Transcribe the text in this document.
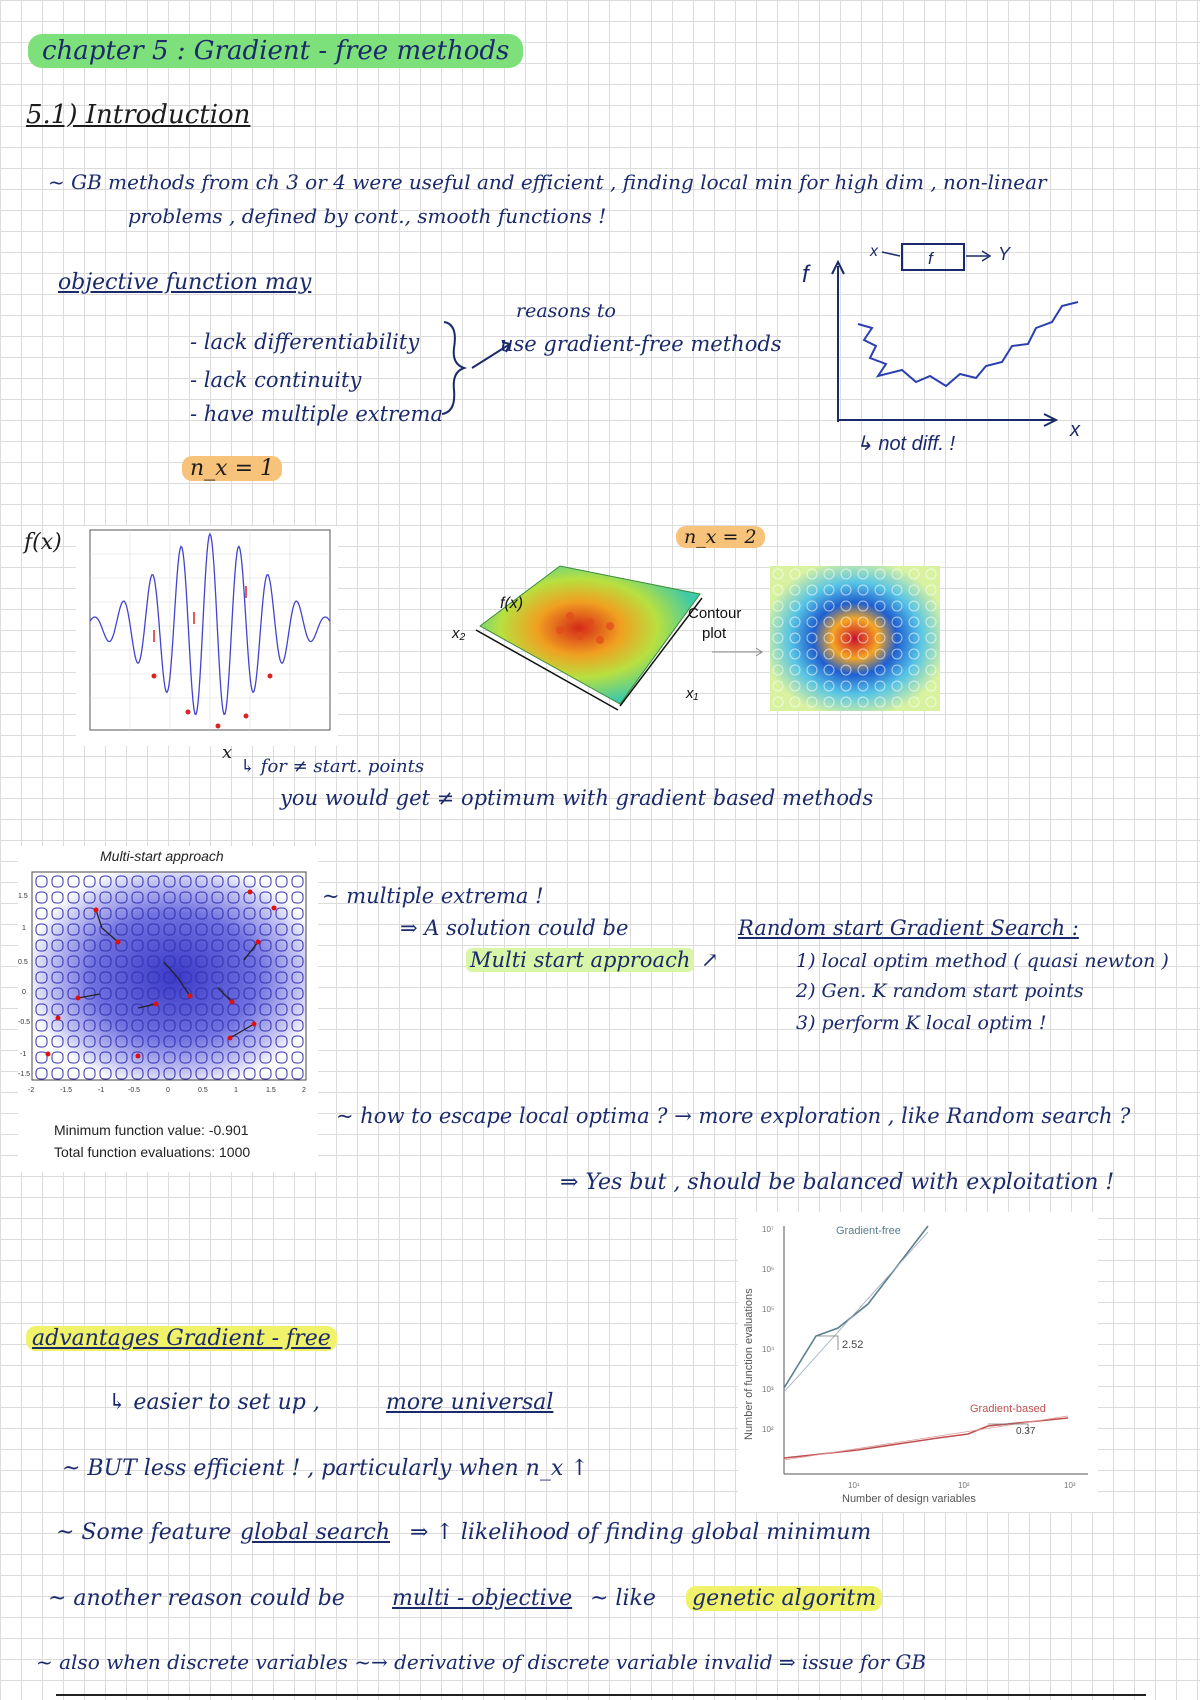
chapter 5 : Gradient - free methods
5.1) Introduction
~ GB methods from ch 3 or 4 were useful and efficient , finding local min for high dim , non-linear
problems , defined by cont., smooth functions !
objective function may
- lack differentiability
- lack continuity
- have multiple extrema
reasons to
use gradient-free methods
f
x
x	f	Y
↳ not diff. !
n_x = 1
f(x)
x
n_x = 2
f(x)
x₂
x₁
Contour
plot
↳ for ≠ start. points
you would get ≠ optimum with gradient based methods
Multi-start approach
1.5
1
0.5
0
-0.5
-1
-1.5
-2	-1.5	-1	-0.5	0	0.5	1	1.5	2
Minimum function value: -0.901
Total function evaluations: 1000
~ multiple extrema !
⇒ A solution could be
Multi start approach ↗
Random start Gradient Search :
1) local optim method ( quasi newton )
2) Gen. K random start points
3) perform K local optim !
~ how to escape local optima ? → more exploration , like Random search ?
⇒ Yes but , should be balanced with exploitation !
Number of function evaluations
10⁷
10⁶
10⁵
10⁴
10³
10²
10¹	10²	10³
2.52
Gradient-free
0.37
Gradient-based
Number of design variables
advantages Gradient - free
↳ easier to set up ,	more universal
~ BUT less efficient ! , particularly when n_x ↑
~ Some feature global search ⇒ ↑ likelihood of finding global minimum
~ another reason could be multi - objective ~ like genetic algoritm
~ also when discrete variables ~→ derivative of discrete variable invalid ⇒ issue for GB
